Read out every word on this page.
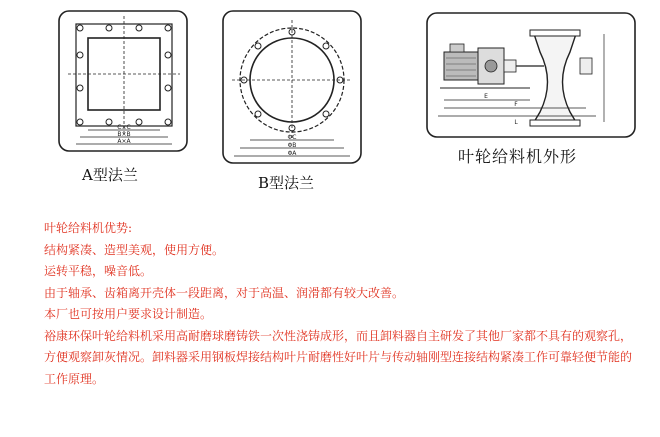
C×C
B×B
A×A
A型法兰
ΦC
ΦB
ΦA
B型法兰
E
F
L
叶轮给料机外形

叶轮给料机优势:

结构紧凑、造型美观，使用方便。

运转平稳，噪音低。

由于轴承、齿箱离开壳体一段距离，对于高温、润滑都有较大改善。

本厂也可按用户要求设计制造。

裕康环保叶轮给料机采用高耐磨球磨铸铁一次性浇铸成形，而且卸料器自主研发了其他厂家都不具有的观察孔，方便观察卸灰情况。卸料器采用钢板焊接结构叶片耐磨性好叶片与传动轴刚型连接结构紧凑工作可靠轻便节能的工作原理。
